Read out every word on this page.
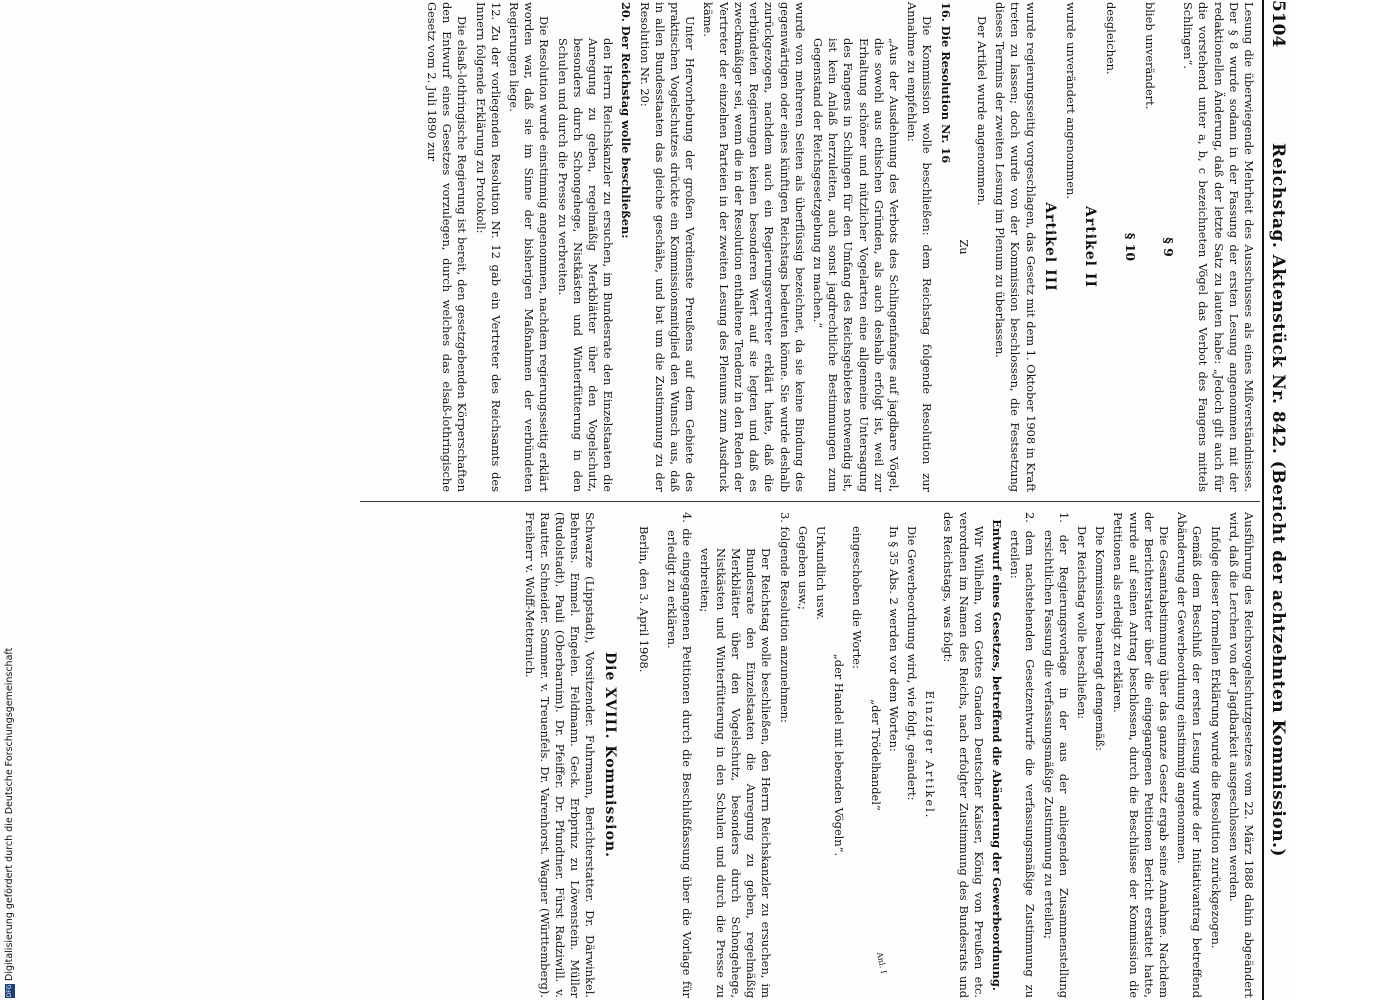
5104
Reichstag. Aktenstück Nr. 842. (Bericht der achtzehnten Kommission.)

Lesung die überwiegende Mehrheit des Ausschusses als eines Mißverständnisses. Der § 8 wurde sodann in der Fassung der ersten Lesung angenommen mit der redaktionellen Änderung, daß der letzte Satz zu lauten habe: „Jedoch gilt auch für die vorstehend unter a, b, c bezeichneten Vögel das Verbot des Fangens mittels Schlingen“.

§ 9

blieb unverändert.

§ 10

desgleichen.

Artikel II

wurde unverändert angenommen.

Artikel III

wurde regierungsseitig vorgeschlagen, das Gesetz mit dem 1. Oktober 1908 in Kraft treten zu lassen; doch wurde von der Kommission beschlossen, die Festsetzung dieses Termins der zweiten Lesung im Plenum zu überlassen.

Der Artikel wurde angenommen.

Zu

16. Die Resolution Nr. 16

Die Kommission wolle beschließen: dem Reichstag folgende Resolution zur Annahme zu empfehlen:

„Aus der Ausdehnung des Verbots des Schlingenfanges auf jagdbare Vögel, die sowohl aus ethischen Gründen, als auch deshalb erfolgt ist, weil zur Erhaltung schöner und nützlicher Vogelarten eine allgemeine Untersagung des Fangens in Schlingen für den Umfang des Reichsgebietes notwendig ist, ist kein Anlaß herzuleiten, auch sonst jagdrechtliche Bestimmungen zum Gegenstand der Reichsgesetzgebung zu machen.“

wurde von mehreren Seiten als überflüssig bezeichnet, da sie keine Bindung des gegenwärtigen oder eines künftigen Reichstags bedeuten könne. Sie wurde deshalb zurückgezogen, nachdem auch ein Regierungsvertreter erklärt hatte, daß die verbündeten Regierungen keinen besonderen Wert auf sie legten und daß es zweckmäßiger sei, wenn die in der Resolution enthaltene Tendenz in den Reden der Vertreter der einzelnen Parteien in der zweiten Lesung des Plenums zum Ausdruck käme.

Unter Hervorhebung der großen Verdienste Preußens auf dem Gebiete des praktischen Vogelschutzes drückte ein Kommissionsmitglied den Wunsch aus, daß in allen Bundesstaaten das gleiche geschähe, und bat um die Zustimmung zu der Resolution Nr. 20:

20. Der Reichstag wolle beschließen:

den Herrn Reichskanzler zu ersuchen, im Bundesrate den Einzelstaaten die Anregung zu geben, regelmäßig Merkblätter über den Vogelschutz, besonders durch Schongehege, Nistkästen und Winterfütterung in den Schulen und durch die Presse zu verbreiten.

Die Resolution wurde einstimmig angenommen, nachdem regierungsseitig erklärt worden war, daß sie im Sinne der bisherigen Maßnahmen der verbündeten Regierungen liege.

12. Zu der vorliegenden Resolution Nr. 12 gab ein Vertreter des Reichsamts des Innern folgende Erklärung zu Protokoll:

Die elsaß-lothringische Regierung ist bereit, den gesetzgebenden Körperschaften den Entwurf eines Gesetzes vorzulegen, durch welches das elsaß-lothringische Gesetz vom 2. Juli 1890 zur

Ausführung des Reichsvogelschutzgesetzes vom 22. März 1888 dahin abgeändert wird, daß die Lerchen von der Jagdbarkeit ausgeschlossen werden.

Infolge dieser formellen Erklärung wurde die Resolution zurückgezogen.

Gemäß dem Beschluß der ersten Lesung wurde der Initiativantrag betreffend Abänderung der Gewerbeordnung einstimmig angenommen.

Die Gesamtabstimmung über das ganze Gesetz ergab seine Annahme. Nachdem der Berichterstatter über die eingegangenen Petitionen Bericht erstattet hatte, wurde auf seinen Antrag beschlossen, durch die Beschlüsse der Kommission die Petitionen als erledigt zu erklären.

Die Kommission beantragt demgemäß:

Der Reichstag wolle beschließen:

1. der Regierungsvorlage in der aus der anliegenden Zusammenstellung ersichtlichen Fassung die verfassungsmäßige Zustimmung zu erteilen;

2. dem nachstehenden Gesetzentwurfe die verfassungsmäßige Zustimmung zu erteilen:

Entwurf eines Gesetzes, betreffend die Abänderung der Gewerbeordnung.

Wir Wilhelm, von Gottes Gnaden Deutscher Kaiser, König von Preußen etc. verordnen im Namen des Reichs, nach erfolgter Zustimmung des Bundesrats und des Reichstags, was folgt:

Einziger Artikel.

Die Gewerbeordnung wird, wie folgt, geändert:

In § 35 Abs. 2 werden vor dem Worten:

„der Trödelhandel“

eingeschoben die Worte:

„der Handel mit lebenden Vögeln“.

Urkundlich usw.

Gegeben usw.;

3. folgende Resolution anzunehmen:

Der Reichstag wolle beschließen, den Herrn Reichskanzler zu ersuchen, im Bundesrate den Einzelstaaten die Anregung zu geben, regelmäßig Merkblätter über den Vogelschutz, besonders durch Schongehege, Nistkästen und Winterfütterung in den Schulen und durch die Presse zu verbreiten;

4. die eingegangenen Petitionen durch die Beschlußfassung über die Vorlage für erledigt zu erklären.

Berlin, den 3. April 1908.

Die XVIII. Kommission.

Schwarze (Lippstadt), Vorsitzender. Fuhrmann, Berichterstatter. Dr. Därwinkel. Behrens. Emmel. Engelen. Feldmann. Geck. Erbprinz zu Löwenstein. Müller (Rudolstadt). Pauli (Oberbarnim). Dr. Pfeiffer. Dr. Pfundtner. Fürst Radziwill. v. Rautter. Schneider. Sommer. v. Treuenfels. Dr. Varenhorst. Wagner (Württemberg). Freiherr v. Wolff-Metternich.

Anl. I
DFGDigitalisierung gefördert durch die Deutsche Forschungsgemeinschaft
